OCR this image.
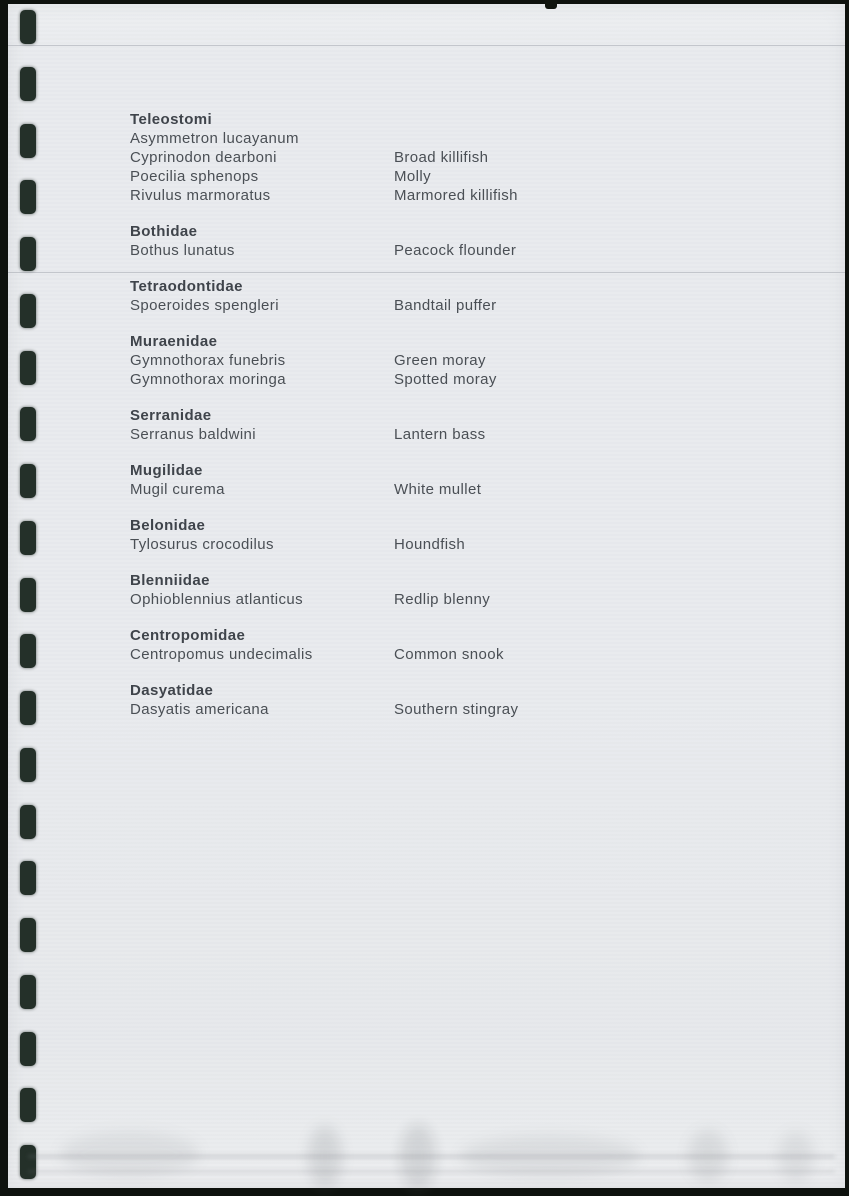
Teleostomi
Asymmetron lucayanum
Cyprinodon dearboni	Broad killifish
Poecilia sphenops	Molly
Rivulus marmoratus	Marmored killifish
Bothidae
Bothus lunatus	Peacock flounder
Tetraodontidae
Spoeroides spengleri	Bandtail puffer
Muraenidae
Gymnothorax funebris	Green moray
Gymnothorax moringa	Spotted moray
Serranidae
Serranus baldwini	Lantern bass
Mugilidae
Mugil curema	White mullet
Belonidae
Tylosurus crocodilus	Houndfish
Blenniidae
Ophioblennius atlanticus	Redlip blenny
Centropomidae
Centropomus undecimalis	Common snook
Dasyatidae
Dasyatis americana	Southern stingray
